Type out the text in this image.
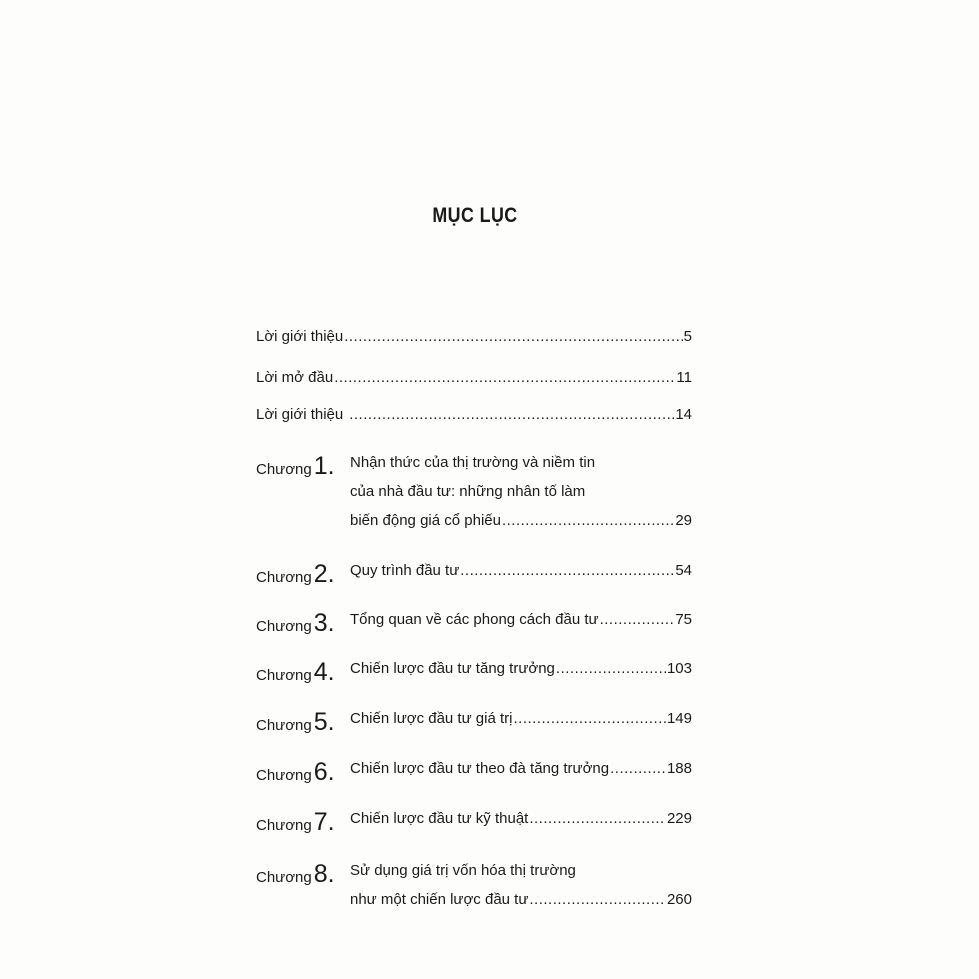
MỤC LỤC
Lời giới thiệu .....	5
Lời mở đầu .....	11
Lời giới thiệu .....	14
Chương1.	Nhận thức của thị trường và niềm tin
của nhà đầu tư: những nhân tố làm
biến động giá cổ phiếu .....	29
Chương2.	Quy trình đầu tư .....	54
Chương3.	Tổng quan về các phong cách đầu tư .....	75
Chương4.	Chiến lược đầu tư tăng trưởng .....	103
Chương5.	Chiến lược đầu tư giá trị .....	149
Chương6.	Chiến lược đầu tư theo đà tăng trưởng .....	188
Chương7.	Chiến lược đầu tư kỹ thuật .....	229
Chương8.	Sử dụng giá trị vốn hóa thị trường
như một chiến lược đầu tư .....	260
